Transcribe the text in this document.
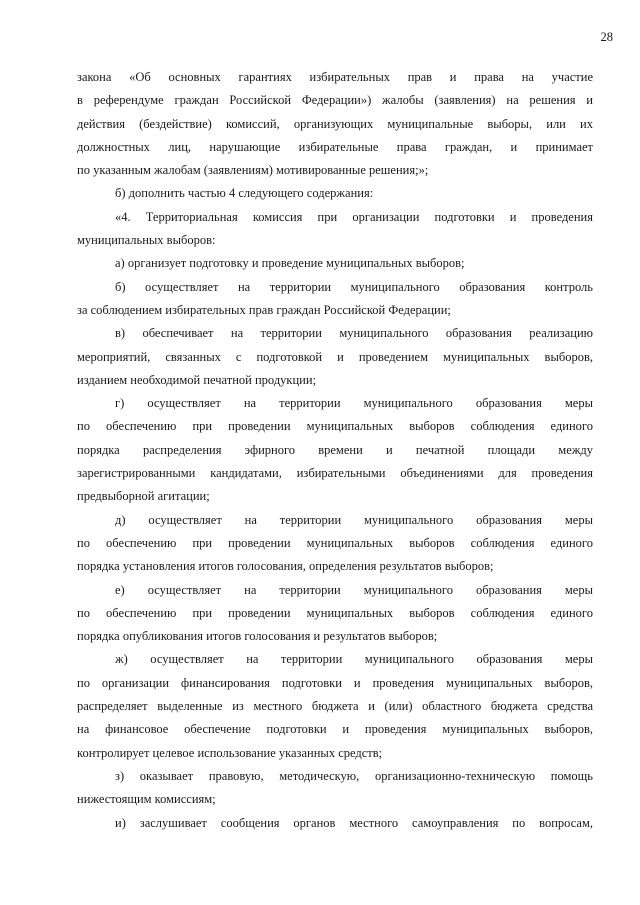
28

закона «Об основных гарантиях избирательных прав и права на участие
в референдуме граждан Российской Федерации») жалобы (заявления) на решения и
действия (бездействие) комиссий, организующих муниципальные выборы, или их
должностных лиц, нарушающие избирательные права граждан, и принимает
по указанным жалобам (заявлениям) мотивированные решения;»;

б) дополнить частью 4 следующего содержания:

«4. Территориальная комиссия при организации подготовки и проведения
муниципальных выборов:

а) организует подготовку и проведение муниципальных выборов;

б) осуществляет на территории муниципального образования контроль
за соблюдением избирательных прав граждан Российской Федерации;

в) обеспечивает на территории муниципального образования реализацию
мероприятий, связанных с подготовкой и проведением муниципальных выборов,
изданием необходимой печатной продукции;

г) осуществляет на территории муниципального образования меры
по обеспечению при проведении муниципальных выборов соблюдения единого
порядка распределения эфирного времени и печатной площади между
зарегистрированными кандидатами, избирательными объединениями для проведения
предвыборной агитации;

д) осуществляет на территории муниципального образования меры
по обеспечению при проведении муниципальных выборов соблюдения единого
порядка установления итогов голосования, определения результатов выборов;

е) осуществляет на территории муниципального образования меры
по обеспечению при проведении муниципальных выборов соблюдения единого
порядка опубликования итогов голосования и результатов выборов;

ж) осуществляет на территории муниципального образования меры
по организации финансирования подготовки и проведения муниципальных выборов,
распределяет выделенные из местного бюджета и (или) областного бюджета средства
на финансовое обеспечение подготовки и проведения муниципальных выборов,
контролирует целевое использование указанных средств;

з) оказывает правовую, методическую, организационно-техническую помощь
нижестоящим комиссиям;

и) заслушивает сообщения органов местного самоуправления по вопросам,
